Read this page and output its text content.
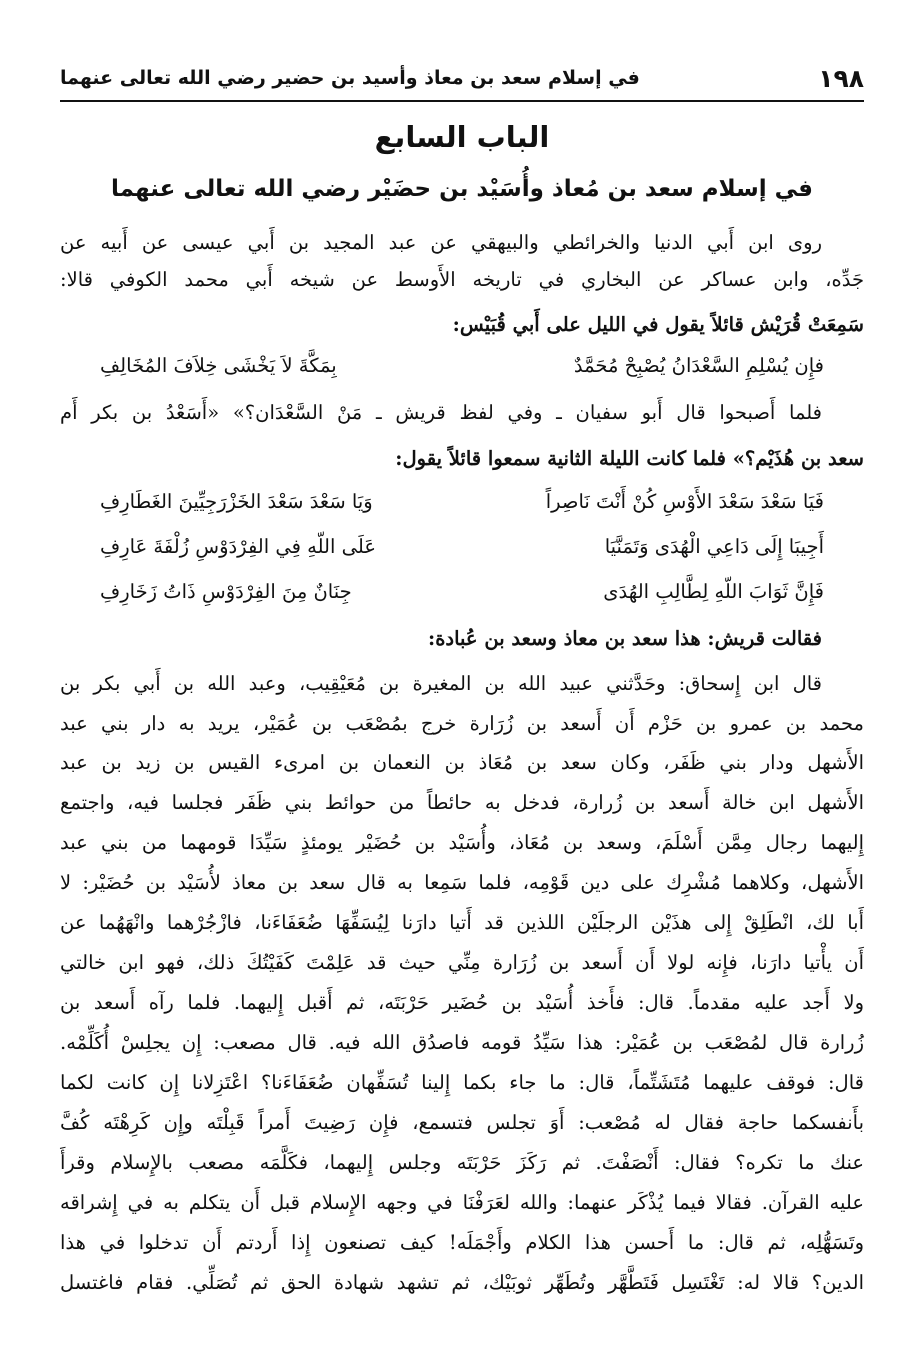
١٩٨
في إسلام سعد بن معاذ وأسيد بن حضير رضي الله تعالى عنهما
الباب السابع
في إسلام سعد بن مُعاذ وأُسَيْد بن حضَيْر رضي الله تعالى عنهما
روى ابن أَبي الدنيا والخرائطي والبيهقي عن عبد المجيد بن أَبي عيسى عن أَبيه عن
جَدِّه، وابن عساكر عن البخاري في تاريخه الأَوسط عن شيخه أَبي محمد الكوفي قالا:
سَمِعَتْ قُرَيْش قائلاً يقول في الليل على أَبي قُبَيْس:
فإِن يُسْلِمِ السَّعْدَانُ يُصْبِحْ مُحَمَّدٌ
بِمَكَّةَ لاَ يَخْشَى خِلاَفَ المُخَالِفِ
فلما أَصبحوا قال أَبو سفيان ـ وفي لفظ قريش ـ مَنْ السَّعْدَان؟» «أَسَعْدُ بن بكر أَم
سعد بن هُذَيْم؟» فلما كانت الليلة الثانية سمعوا قائلاً يقول:
فَيَا سَعْدَ سَعْدَ الأَوْسِ كُنْ أَنْتَ نَاصِراً
وَيَا سَعْدَ سَعْدَ الخَزْرَجِيِّينَ الغَطَارِفِ
أَجِيبَا إِلَى دَاعِي الْهُدَى وَتَمَنَّيَا
عَلَى اللّهِ فِي الفِرْدَوْسِ زُلْفَةَ عَارِفِ
فَإِنَّ ثَوَابَ اللّهِ لِطَّالِبِ الهُدَى
جِنَانٌ مِنَ الفِرْدَوْسِ ذَاتُ زَخَارِفِ
فقالت قريش: هذا سعد بن معاذ وسعد بن عُبادة:
قال ابن إِسحاق: وحَدَّثني عبيد الله بن المغيرة بن مُعَيْقِيب، وعبد الله بن أَبي بكر بن
محمد بن عمرو بن حَزْم أَن أَسعد بن زُرَارة خرج بمُصْعَب بن عُمَيْر، يريد به دار بني عبد
الأَشهل ودار بني ظَفَر، وكان سعد بن مُعَاذ بن النعمان بن امرىء القيس بن زيد بن عبد
الأَشهل ابن خالة أَسعد بن زُرارة، فدخل به حائطاً من حوائط بني ظَفَر فجلسا فيه، واجتمع
إِليهما رجال مِمَّن أَسْلَمَ، وسعد بن مُعَاذ، وأُسَيْد بن حُضَيْر يومئذٍ سَيِّدَا قومهما من بني عبد
الأَشهل، وكلاهما مُشْرِك على دين قَوْمِه، فلما سَمِعا به قال سعد بن معاذ لأُسَيْد بن حُضَيْر: لا
أَبا لك، انْطَلِقْ إِلى هذَيْن الرجلَيْن اللذين قد أَتيا دارَنا لِيُسَفِّهَا ضُعَفَاءَنا، فازْجُرْهما وانْهَهُما عن
أَن يأْتيا دارَنا، فإِنه لولا أَن أَسعد بن زُرَارة مِنِّي حيث قد عَلِمْتَ كَفَيْتُكَ ذلك، فهو ابن خالتي
ولا أَجد عليه مقدماً. قال: فأَخذ أُسَيْد بن حُضَير حَرْبَتَه، ثم أَقبل إِليهما. فلما رآه أَسعد بن
زُرارة قال لمُصْعَب بن عُمَيْر: هذا سَيِّدُ قومه فاصدُق الله فيه. قال مصعب: إِن يجلِسْ أُكَلِّمْه.
قال: فوقف عليهما مُتَشَتِّماً، قال: ما جاء بكما إِلينا تُسَفِّهان ضُعَفَاءَنا؟ اعْتَزِلانا إِن كانت لكما
بأَنفسكما حاجة فقال له مُصْعب: أَوَ تجلس فتسمع، فإِن رَضِيتَ أَمراً قَبِلْتَه وإِن كَرِهْتَه كُفَّ
عنك ما تكره؟ فقال: أَنْصَفْتَ. ثم رَكَزَ حَرْبَتَه وجلس إِليهما، فكَلَّمَه مصعب بالإِسلام وقرأَ
عليه القرآن. فقالا فيما يُذْكَر عنهما: والله لعَرَفْنَا في وجهه الإِسلام قبل أَن يتكلم به في إِشراقه
وتَسَهُّلِه، ثم قال: ما أَحسن هذا الكلام وأَجْمَلَه! كيف تصنعون إِذا أَردتم أَن تدخلوا في هذا
الدين؟ قالا له: تَغْتَسِل فَتَطَّهَّر وتُطَهِّر ثوبَيْك، ثم تشهد شهادة الحق ثم تُصَلِّي. فقام فاغتسل
